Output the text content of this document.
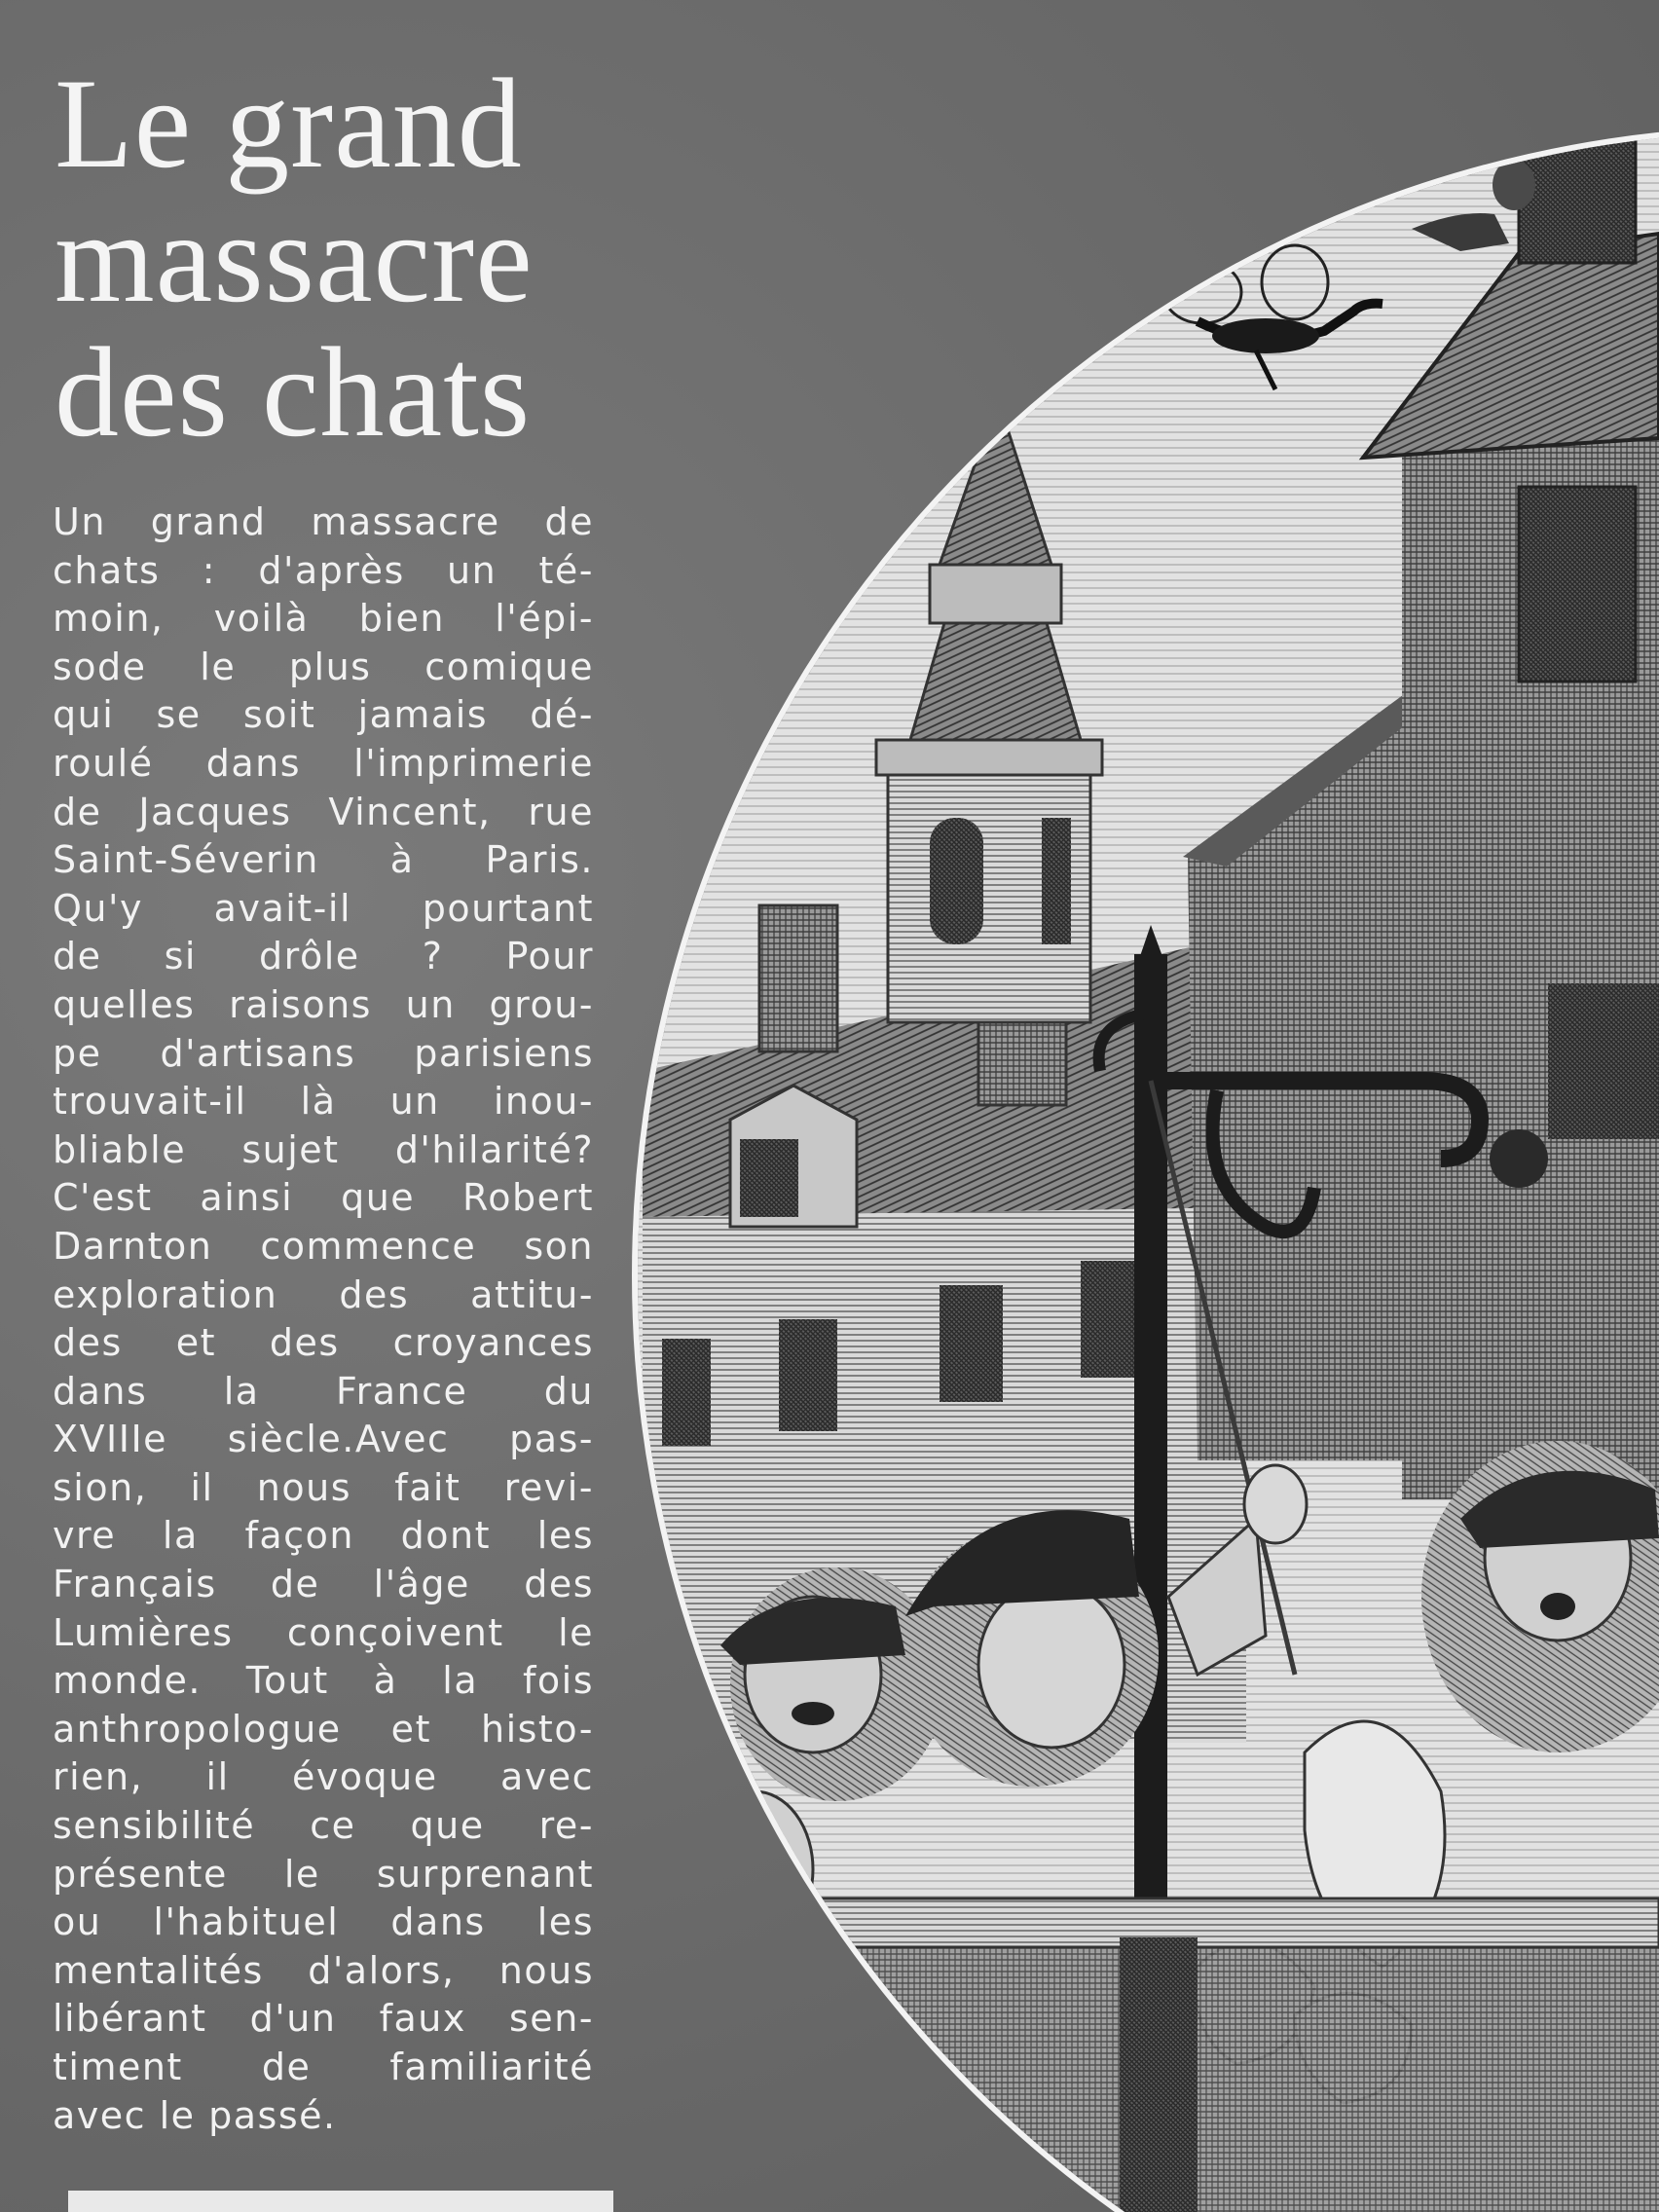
Le grand
massacre
des chats
Un grand massacre de
chats : d'après un té-
moin, voilà bien l'épi-
sode le plus comique
qui se soit jamais dé-
roulé dans l'imprimerie
de Jacques Vincent, rue
Saint-Séverin à Paris.
Qu'y avait-il pourtant
de si drôle ? Pour
quelles raisons un grou-
pe d'artisans parisiens
trouvait-il là un inou-
bliable sujet d'hilarité?
C'est ainsi que Robert
Darnton commence son
exploration des attitu-
des et des croyances
dans la France du
XVIIIe siècle.Avec pas-
sion, il nous fait revi-
vre la façon dont les
Français de l'âge des
Lumières conçoivent le
monde. Tout à la fois
anthropologue et histo-
rien, il évoque avec
sensibilité ce que re-
présente le surprenant
ou l'habituel dans les
mentalités d'alors, nous
libérant d'un faux sen-
timent de familiarité
avec le passé.
